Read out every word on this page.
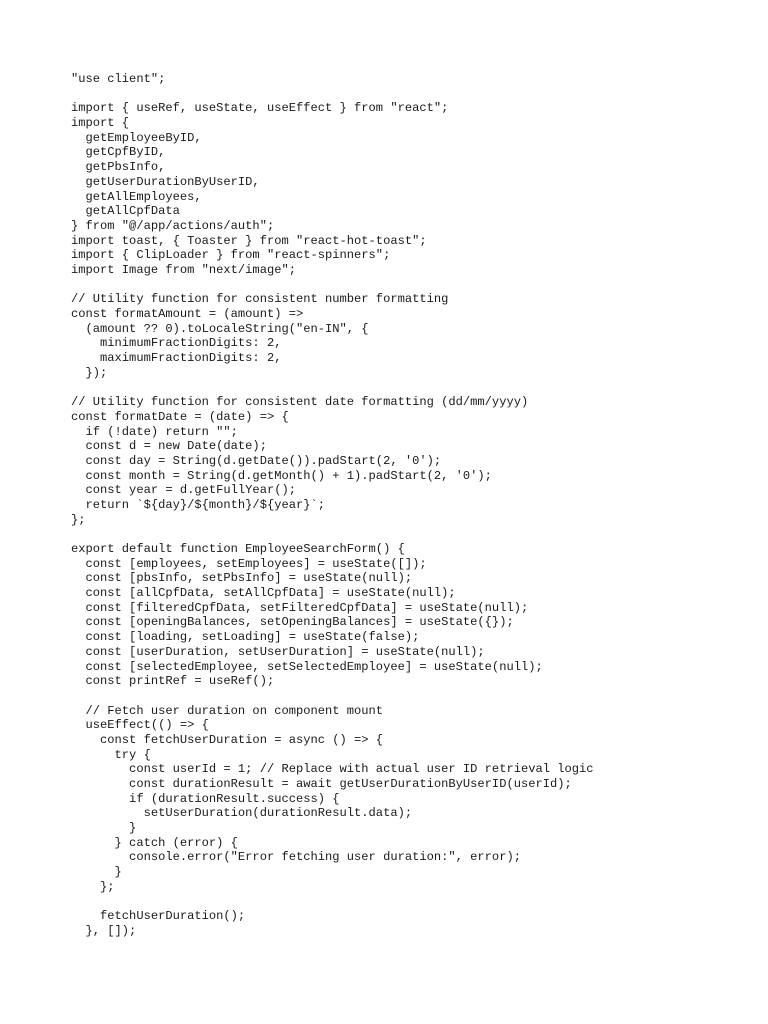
"use client";
import { useRef, useState, useEffect } from "react";
import {
getEmployeeByID,
getCpfByID,
getPbsInfo,
getUserDurationByUserID,
getAllEmployees,
getAllCpfData
} from "@/app/actions/auth";
import toast, { Toaster } from "react-hot-toast";
import { ClipLoader } from "react-spinners";
import Image from "next/image";
// Utility function for consistent number formatting
const formatAmount = (amount) =>
(amount ?? 0).toLocaleString("en-IN", {
minimumFractionDigits: 2,
maximumFractionDigits: 2,
});
// Utility function for consistent date formatting (dd/mm/yyyy)
const formatDate = (date) => {
if (!date) return "";
const d = new Date(date);
const day = String(d.getDate()).padStart(2, '0');
const month = String(d.getMonth() + 1).padStart(2, '0');
const year = d.getFullYear();
return `${day}/${month}/${year}`;
};
export default function EmployeeSearchForm() {
const [employees, setEmployees] = useState([]);
const [pbsInfo, setPbsInfo] = useState(null);
const [allCpfData, setAllCpfData] = useState(null);
const [filteredCpfData, setFilteredCpfData] = useState(null);
const [openingBalances, setOpeningBalances] = useState({});
const [loading, setLoading] = useState(false);
const [userDuration, setUserDuration] = useState(null);
const [selectedEmployee, setSelectedEmployee] = useState(null);
const printRef = useRef();
// Fetch user duration on component mount
useEffect(() => {
const fetchUserDuration = async () => {
try {
const userId = 1; // Replace with actual user ID retrieval logic
const durationResult = await getUserDurationByUserID(userId);
if (durationResult.success) {
setUserDuration(durationResult.data);
}
} catch (error) {
console.error("Error fetching user duration:", error);
}
};
fetchUserDuration();
}, []);
